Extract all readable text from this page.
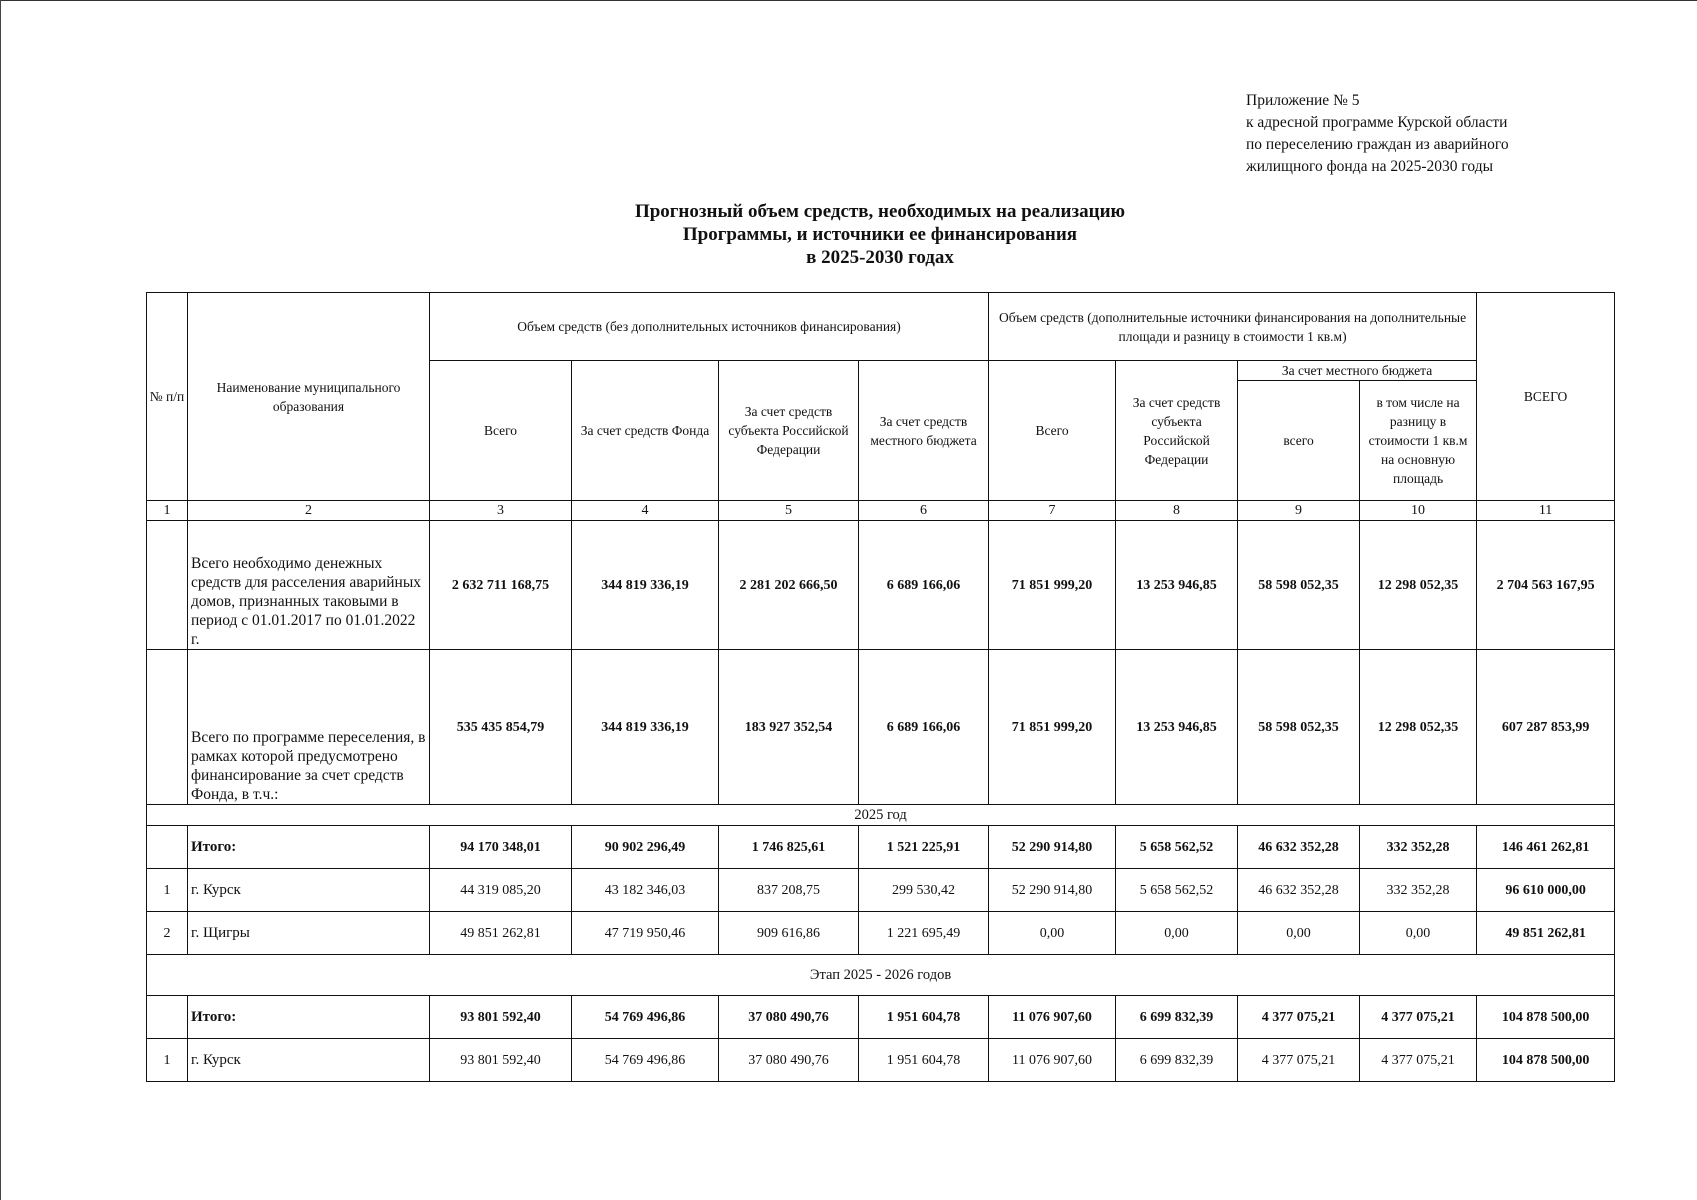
Приложение № 5
к адресной программе Курской области
по переселению граждан из аварийного
жилищного фонда на 2025-2030 годы
Прогнозный объем средств, необходимых на реализацию
Программы, и источники ее финансирования
в 2025-2030 годах
№ п/п	Наименование муниципального образования	Объем средств (без дополнительных источников финансирования)				Объем средств (дополнительные источники финансирования на дополнительные площади и разницу в стоимости 1 кв.м)				ВСЕГО
		Всего	За счет средств Фонда	За счет средств субъекта Российской Федерации	За счет средств местного бюджета	Всего	За счет средств субъекта Российской Федерации	За счет местного бюджета		
								всего	в том числе на разницу в стоимости 1 кв.м на основную площадь	
1	2	3	4	5	6	7	8	9	10	11
	Всего необходимо денежных средств для расселения аварийных домов, признанных таковыми в период с 01.01.2017 по 01.01.2022 г.	2 632 711 168,75	344 819 336,19	2 281 202 666,50	6 689 166,06	71 851 999,20	13 253 946,85	58 598 052,35	12 298 052,35	2 704 563 167,95
	Всего по программе переселения, в рамках которой предусмотрено финансирование за счет средств Фонда, в т.ч.:	535 435 854,79	344 819 336,19	183 927 352,54	6 689 166,06	71 851 999,20	13 253 946,85	58 598 052,35	12 298 052,35	607 287 853,99
2025 год										
	Итого:	94 170 348,01	90 902 296,49	1 746 825,61	1 521 225,91	52 290 914,80	5 658 562,52	46 632 352,28	332 352,28	146 461 262,81
1	г. Курск	44 319 085,20	43 182 346,03	837 208,75	299 530,42	52 290 914,80	5 658 562,52	46 632 352,28	332 352,28	96 610 000,00
2	г. Щигры	49 851 262,81	47 719 950,46	909 616,86	1 221 695,49	0,00	0,00	0,00	0,00	49 851 262,81
Этап 2025 - 2026 годов										
	Итого:	93 801 592,40	54 769 496,86	37 080 490,76	1 951 604,78	11 076 907,60	6 699 832,39	4 377 075,21	4 377 075,21	104 878 500,00
1	г. Курск	93 801 592,40	54 769 496,86	37 080 490,76	1 951 604,78	11 076 907,60	6 699 832,39	4 377 075,21	4 377 075,21	104 878 500,00
